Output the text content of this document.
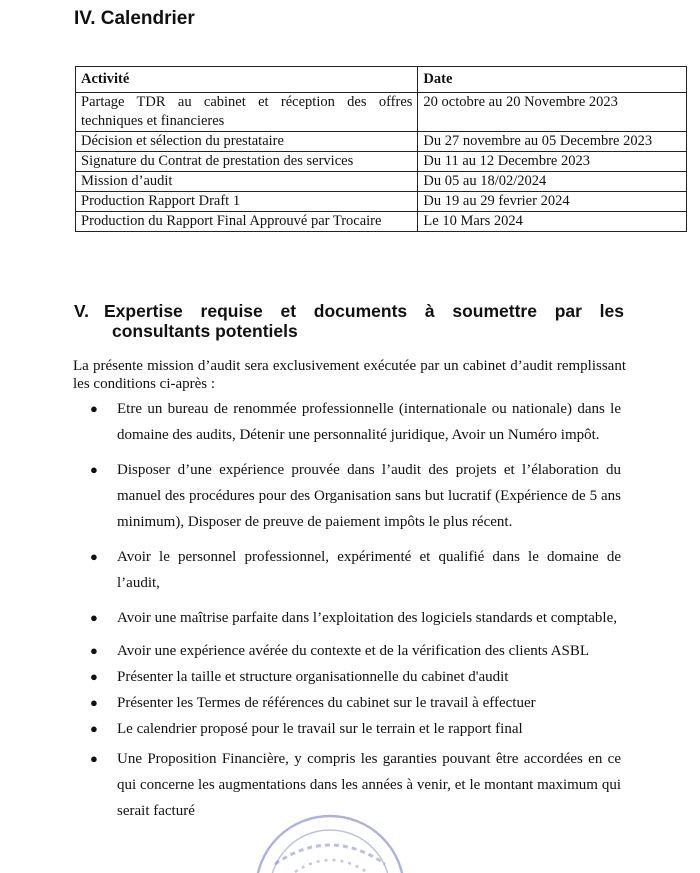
IV. Calendrier
Activité	Date
Partage TDR au cabinet et réception des offres techniques et financieres	20 octobre au 20 Novembre 2023
Décision et sélection du prestataire	Du 27 novembre au 05 Decembre 2023
Signature du Contrat de prestation des services	Du 11 au 12 Decembre 2023
Mission d’audit	Du 05 au 18/02/2024
Production Rapport Draft 1	Du 19 au 29 fevrier 2024
Production du Rapport Final Approuvé par Trocaire	Le 10 Mars 2024
V. Expertise requise et documents à soumettre par les
consultants potentiels
La présente mission d’audit sera exclusivement exécutée par un cabinet d’audit remplissant les conditions ci-après :
● Etre un bureau de renommée professionnelle (internationale ou nationale) dans le domaine des audits, Détenir une personnalité juridique, Avoir un Numéro impôt.
● Disposer d’une expérience prouvée dans l’audit des projets et l’élaboration du manuel des procédures pour des Organisation sans but lucratif (Expérience de 5 ans minimum), Disposer de preuve de paiement impôts le plus récent.
● Avoir le personnel professionnel, expérimenté et qualifié dans le domaine de l’audit,
● Avoir une maîtrise parfaite dans l’exploitation des logiciels standards et comptable,
● Avoir une expérience avérée du contexte et de la vérification des clients ASBL
● Présenter la taille et structure organisationnelle du cabinet d'audit
● Présenter les Termes de références du cabinet sur le travail à effectuer
● Le calendrier proposé pour le travail sur le terrain et le rapport final
● Une Proposition Financière, y compris les garanties pouvant être accordées en ce qui concerne les augmentations dans les années à venir, et le montant maximum qui serait facturé
